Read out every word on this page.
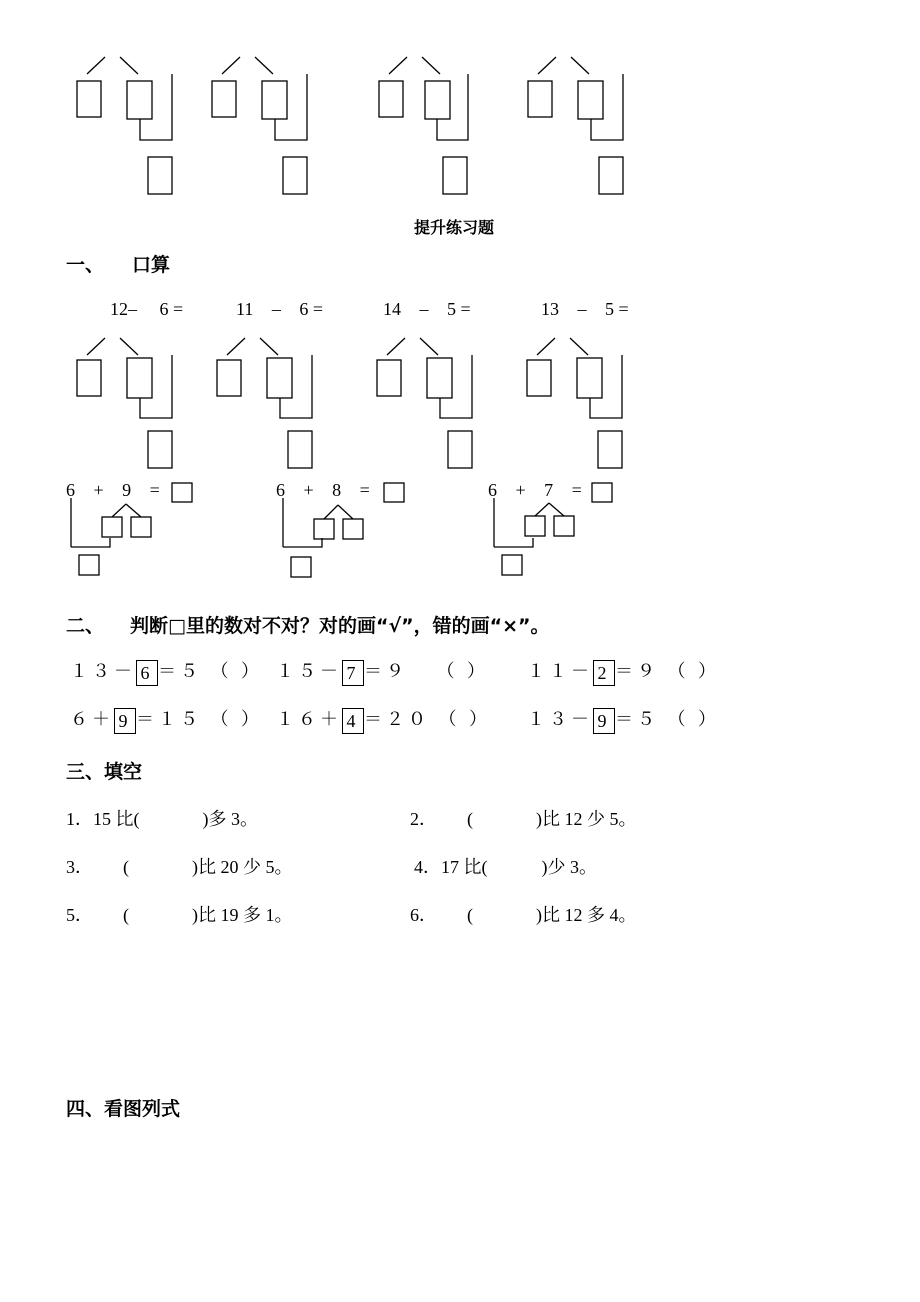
提升练习题
一、 口算
12– 6 =	11 – 6 =	14 – 5 =	13 – 5 =
6 + 9 =	6 + 8 =	6 + 7 =
二、 判断□里的数对不对？对的画“√”，错的画“×”。
１３－ 6 ＝５ （ ） １５－ 7 ＝９ （ ） １１－ 2 ＝９ （ ）
６＋ 9 ＝１５ （ ） １６＋ 4 ＝２０ （ ） １３－ 9 ＝５ （ ）
三、填空
1．15 比(              )多 3。	2． (              )比 12 少 5。
3． (              )比 20 少 5。	4．17 比(            )少 3。
5． (              )比 19 多 1。	6． (              )比 12 多 4。
四、看图列式
